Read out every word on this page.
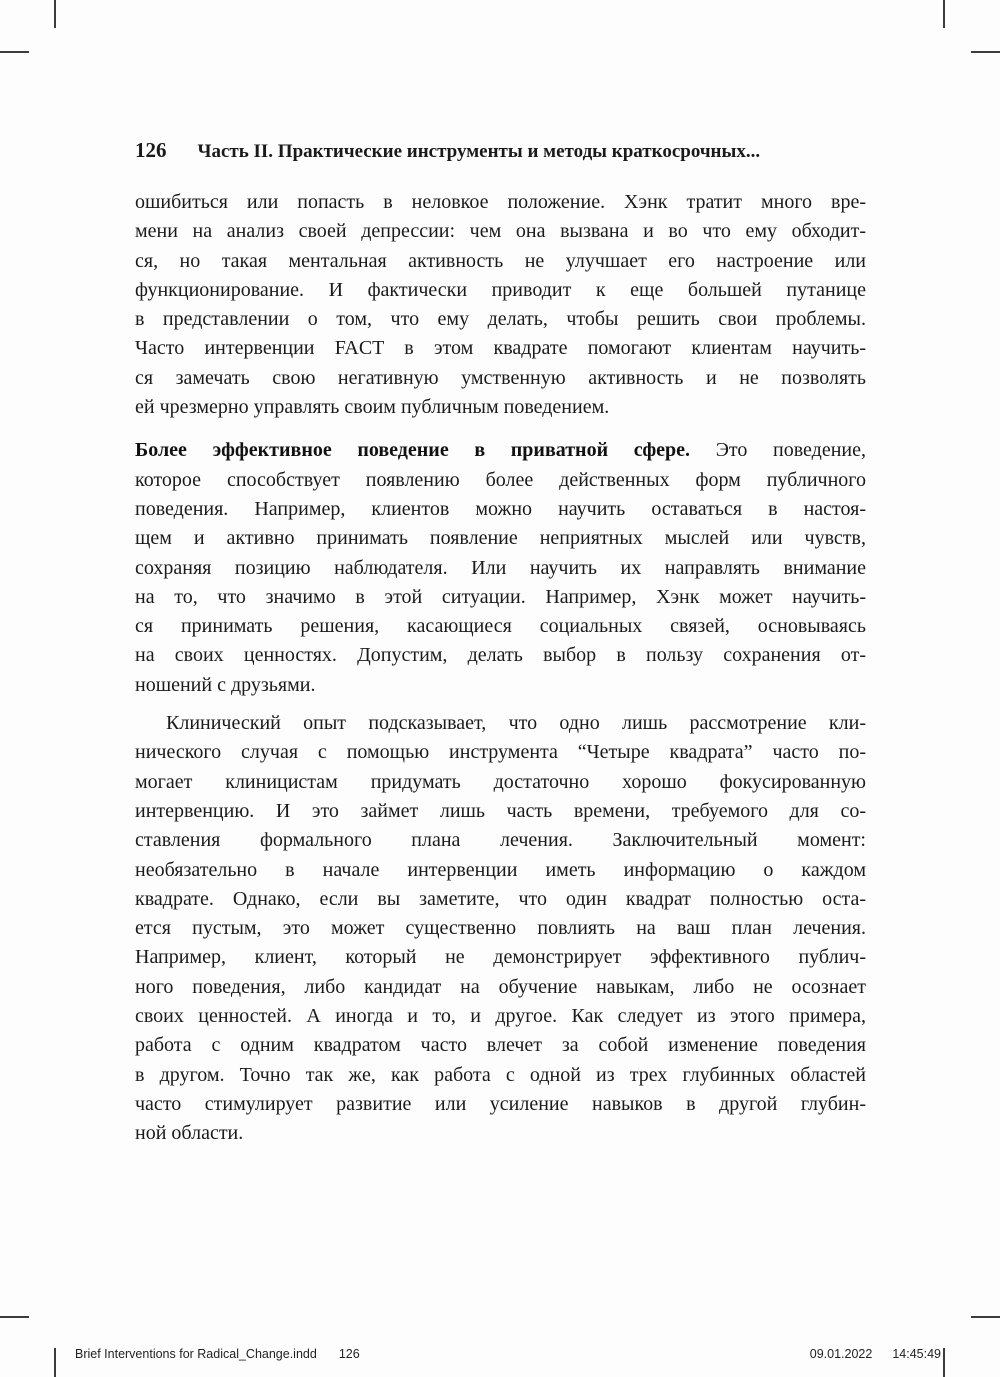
126 Часть II. Практические инструменты и методы краткосрочных...
ошибиться или попасть в неловкое положение. Хэнк тратит много вре-
мени на анализ своей депрессии: чем она вызвана и во что ему обходит-
ся, но такая ментальная активность не улучшает его настроение или
функционирование. И фактически приводит к еще большей путанице
в представлении о том, что ему делать, чтобы решить свои проблемы.
Часто интервенции FACT в этом квадрате помогают клиентам научить-
ся замечать свою негативную умственную активность и не позволять
ей чрезмерно управлять своим публичным поведением.
Более эффективное поведение в приватной сфере. Это поведение,
которое способствует появлению более действенных форм публичного
поведения. Например, клиентов можно научить оставаться в настоя-
щем и активно принимать появление неприятных мыслей или чувств,
сохраняя позицию наблюдателя. Или научить их направлять внимание
на то, что значимо в этой ситуации. Например, Хэнк может научить-
ся принимать решения, касающиеся социальных связей, основываясь
на своих ценностях. Допустим, делать выбор в пользу сохранения от-
ношений с друзьями.
Клинический опыт подсказывает, что одно лишь рассмотрение кли-
нического случая с помощью инструмента “Четыре квадрата” часто по-
могает клиницистам придумать достаточно хорошо фокусированную
интервенцию. И это займет лишь часть времени, требуемого для со-
ставления формального плана лечения. Заключительный момент:
необязательно в начале интервенции иметь информацию о каждом
квадрате. Однако, если вы заметите, что один квадрат полностью оста-
ется пустым, это может существенно повлиять на ваш план лечения.
Например, клиент, который не демонстрирует эффективного публич-
ного поведения, либо кандидат на обучение навыкам, либо не осознает
своих ценностей. А иногда и то, и другое. Как следует из этого примера,
работа с одним квадратом часто влечет за собой изменение поведения
в другом. Точно так же, как работа с одной из трех глубинных областей
часто стимулирует развитие или усиление навыков в другой глубин-
ной области.
Brief Interventions for Radical_Change.indd 126	09.01.2022 14:45:49
